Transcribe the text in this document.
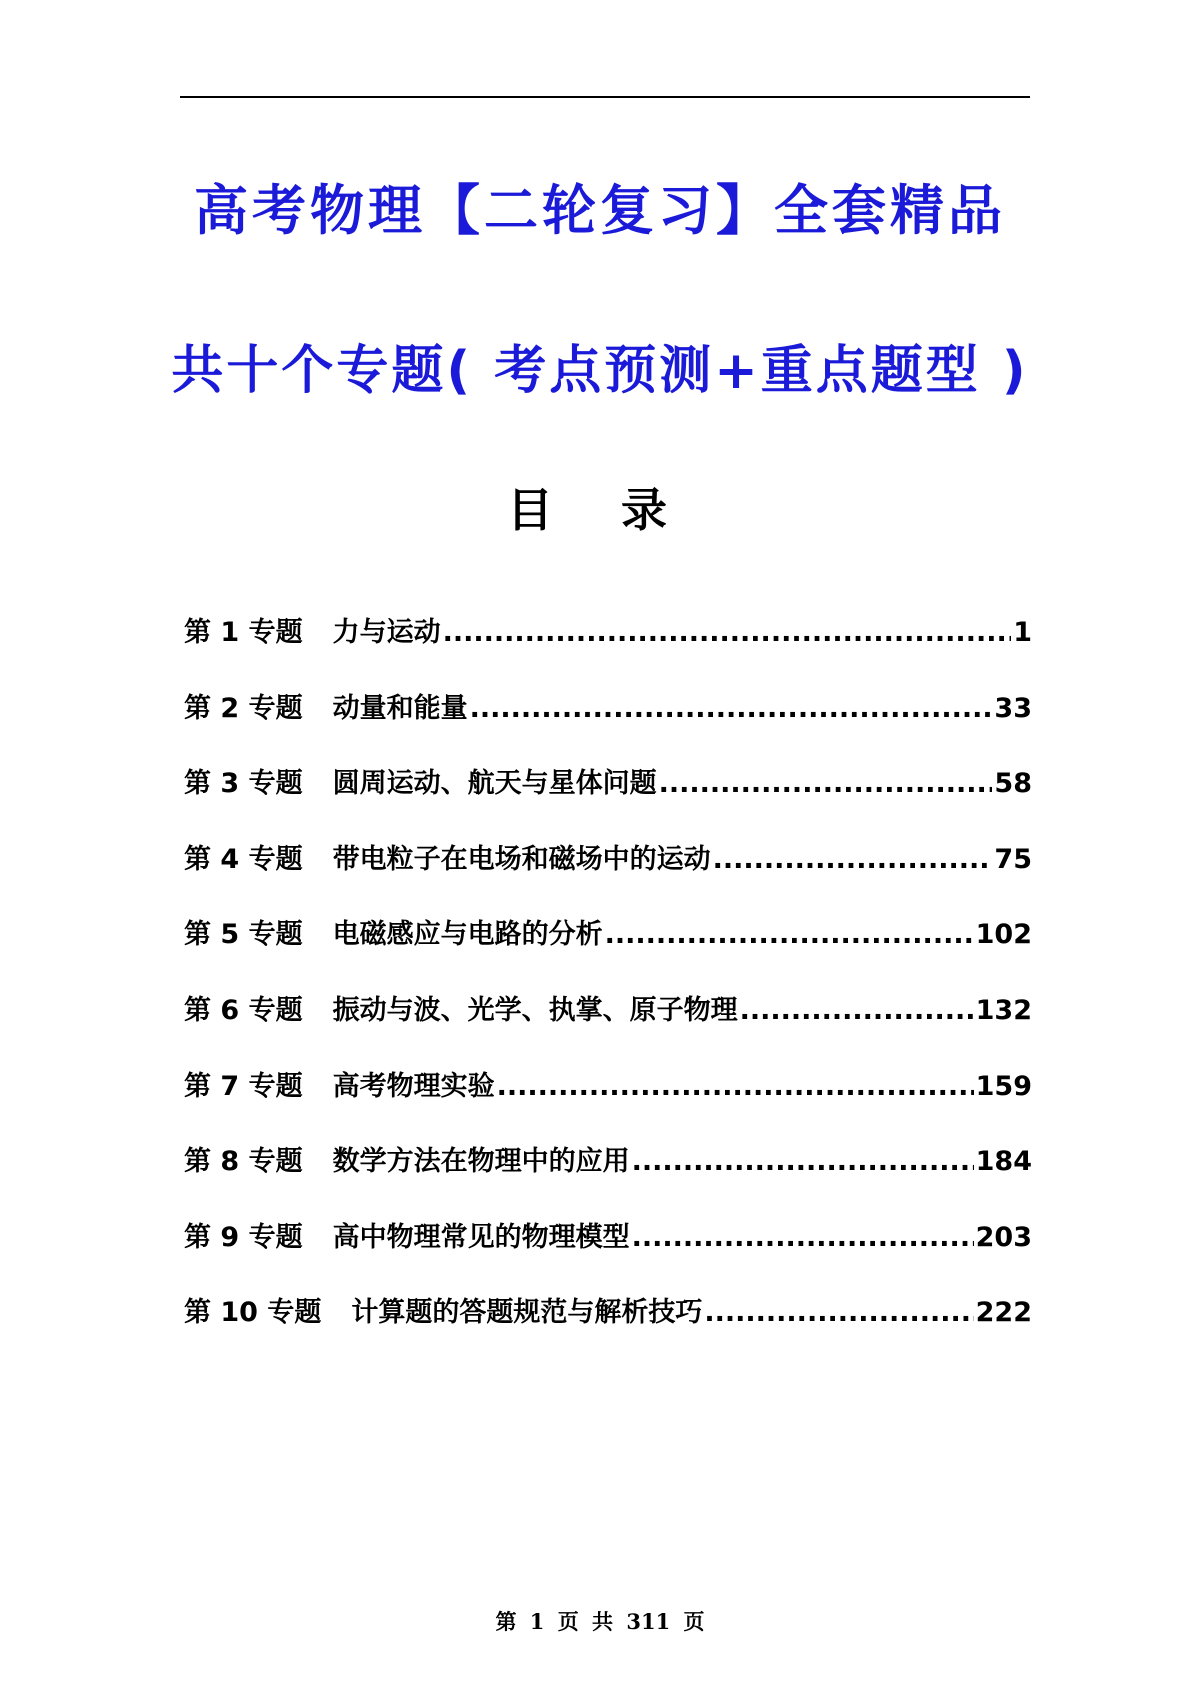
高考物理【二轮复习】全套精品
共十个专题( 考点预测+重点题型 )
目 录
第 1 专题 力与运动 .....	1
第 2 专题 动量和能量 .....	33
第 3 专题 圆周运动、航天与星体问题 .....	58
第 4 专题 带电粒子在电场和磁场中的运动 .....	75
第 5 专题 电磁感应与电路的分析 .....	102
第 6 专题 振动与波、光学、执掌、原子物理 .....	132
第 7 专题 高考物理实验 .....	159
第 8 专题 数学方法在物理中的应用 .....	184
第 9 专题 高中物理常见的物理模型 .....	203
第 10 专题 计算题的答题规范与解析技巧 .....	222
第 1 页 共 311 页
